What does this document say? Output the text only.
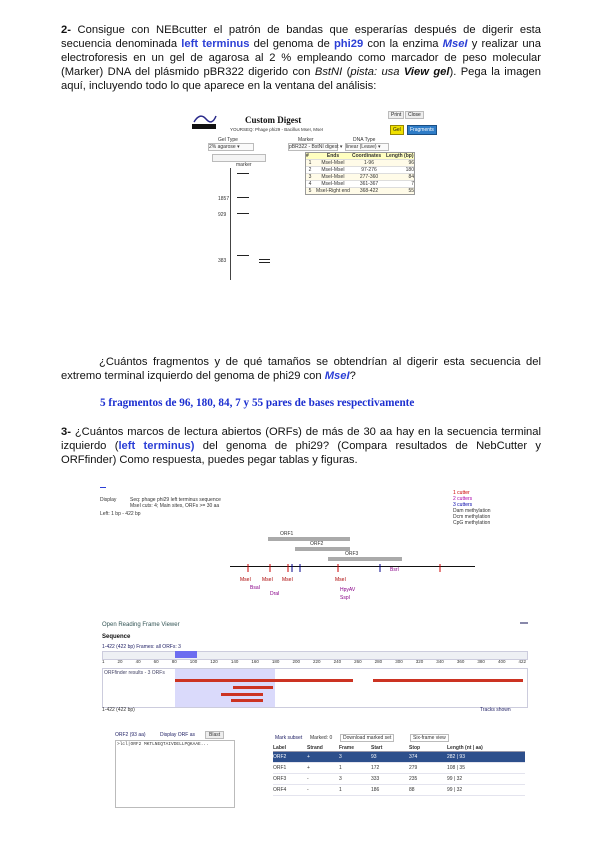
2- Consigue con NEBcutter el patrón de bandas que esperarías después de digerir esta secuencia denominada left terminus del genoma de phi29 con la enzima MseI y realizar una electroforesis en un gel de agarosa al 2 % empleando como marcador de peso molecular (Marker) DNA del plásmido pBR322 digerido con BstNI (pista: usa View gel). Pega la imagen aquí, incluyendo todo lo que aparece en la ventana del análisis:
Custom Digest
YOURSEQ: Phage phi29 - Bacillus MseI, MseI
Print	Close
Gel	Fragments
Gel Type
2% agarose ▾
Marker
pBR322 - BstNI digest ▾
DNA Type
linear (Leave) ▾
marker
1857
929
383
#	Ends	Coordinates Length (bp)
1	MseI-MseI	1-96	96
2	MseI-MseI	97-276	180
3	MseI-MseI	277-360	84
4	MseI-MseI	361-367	7
5 MseI-Right end	368-422	55
¿Cuántos fragmentos y de qué tamaños se obtendrían al digerir esta secuencia del extremo terminal izquierdo del genoma de phi29 con MseI?
5 fragmentos de 96, 180, 84, 7 y 55 pares de bases respectivamente
3- ¿Cuántos marcos de lectura abiertos (ORFs) de más de 30 aa hay en la secuencia terminal izquierdo (left terminus) del genoma de phi29? (Compara resultados de NebCutter y ORFfinder) Como respuesta, puedes pegar tablas y figuras.
Display	Seq: phage phi29 left terminus sequence
MseI cuts: 4; Main sites, ORFs >= 30 aa
Left: 1 bp - 422 bp
1 cutter
2 cutters
3 cutters
Dam methylation
Dcm methylation
CpG methylation
ORF1
ORF2
ORF3
MseI MseI MseI	MseI
BsaI
DraI
HpyAV
SspI
BsrI
Open Reading Frame Viewer
Sequence
1-422 (422 bp) Frames: all ORFs: 3
1	20	40	60	80	100	120	140	160	180	200	220	240	260	280	300	320	340	360	380	400	422
ORFfinder results - 3 ORFs
1-422 (422 bp)	Tracks shown
ORF2 (93 aa)	Display ORF as	Blast
>lcl|ORF2 MKTLNEQTAIVDELLPQKAAE...
Mark subset Marked: 0	Download marked set	Six-frame view
Label	Strand	Frame	Start	Stop	Length (nt | aa)
ORF2	+	3	93	374	282 | 93
ORF1	+	1	172	279	108 | 35
ORF3	-	3	333	235	99 | 32
ORF4	-	1	186	88	99 | 32
